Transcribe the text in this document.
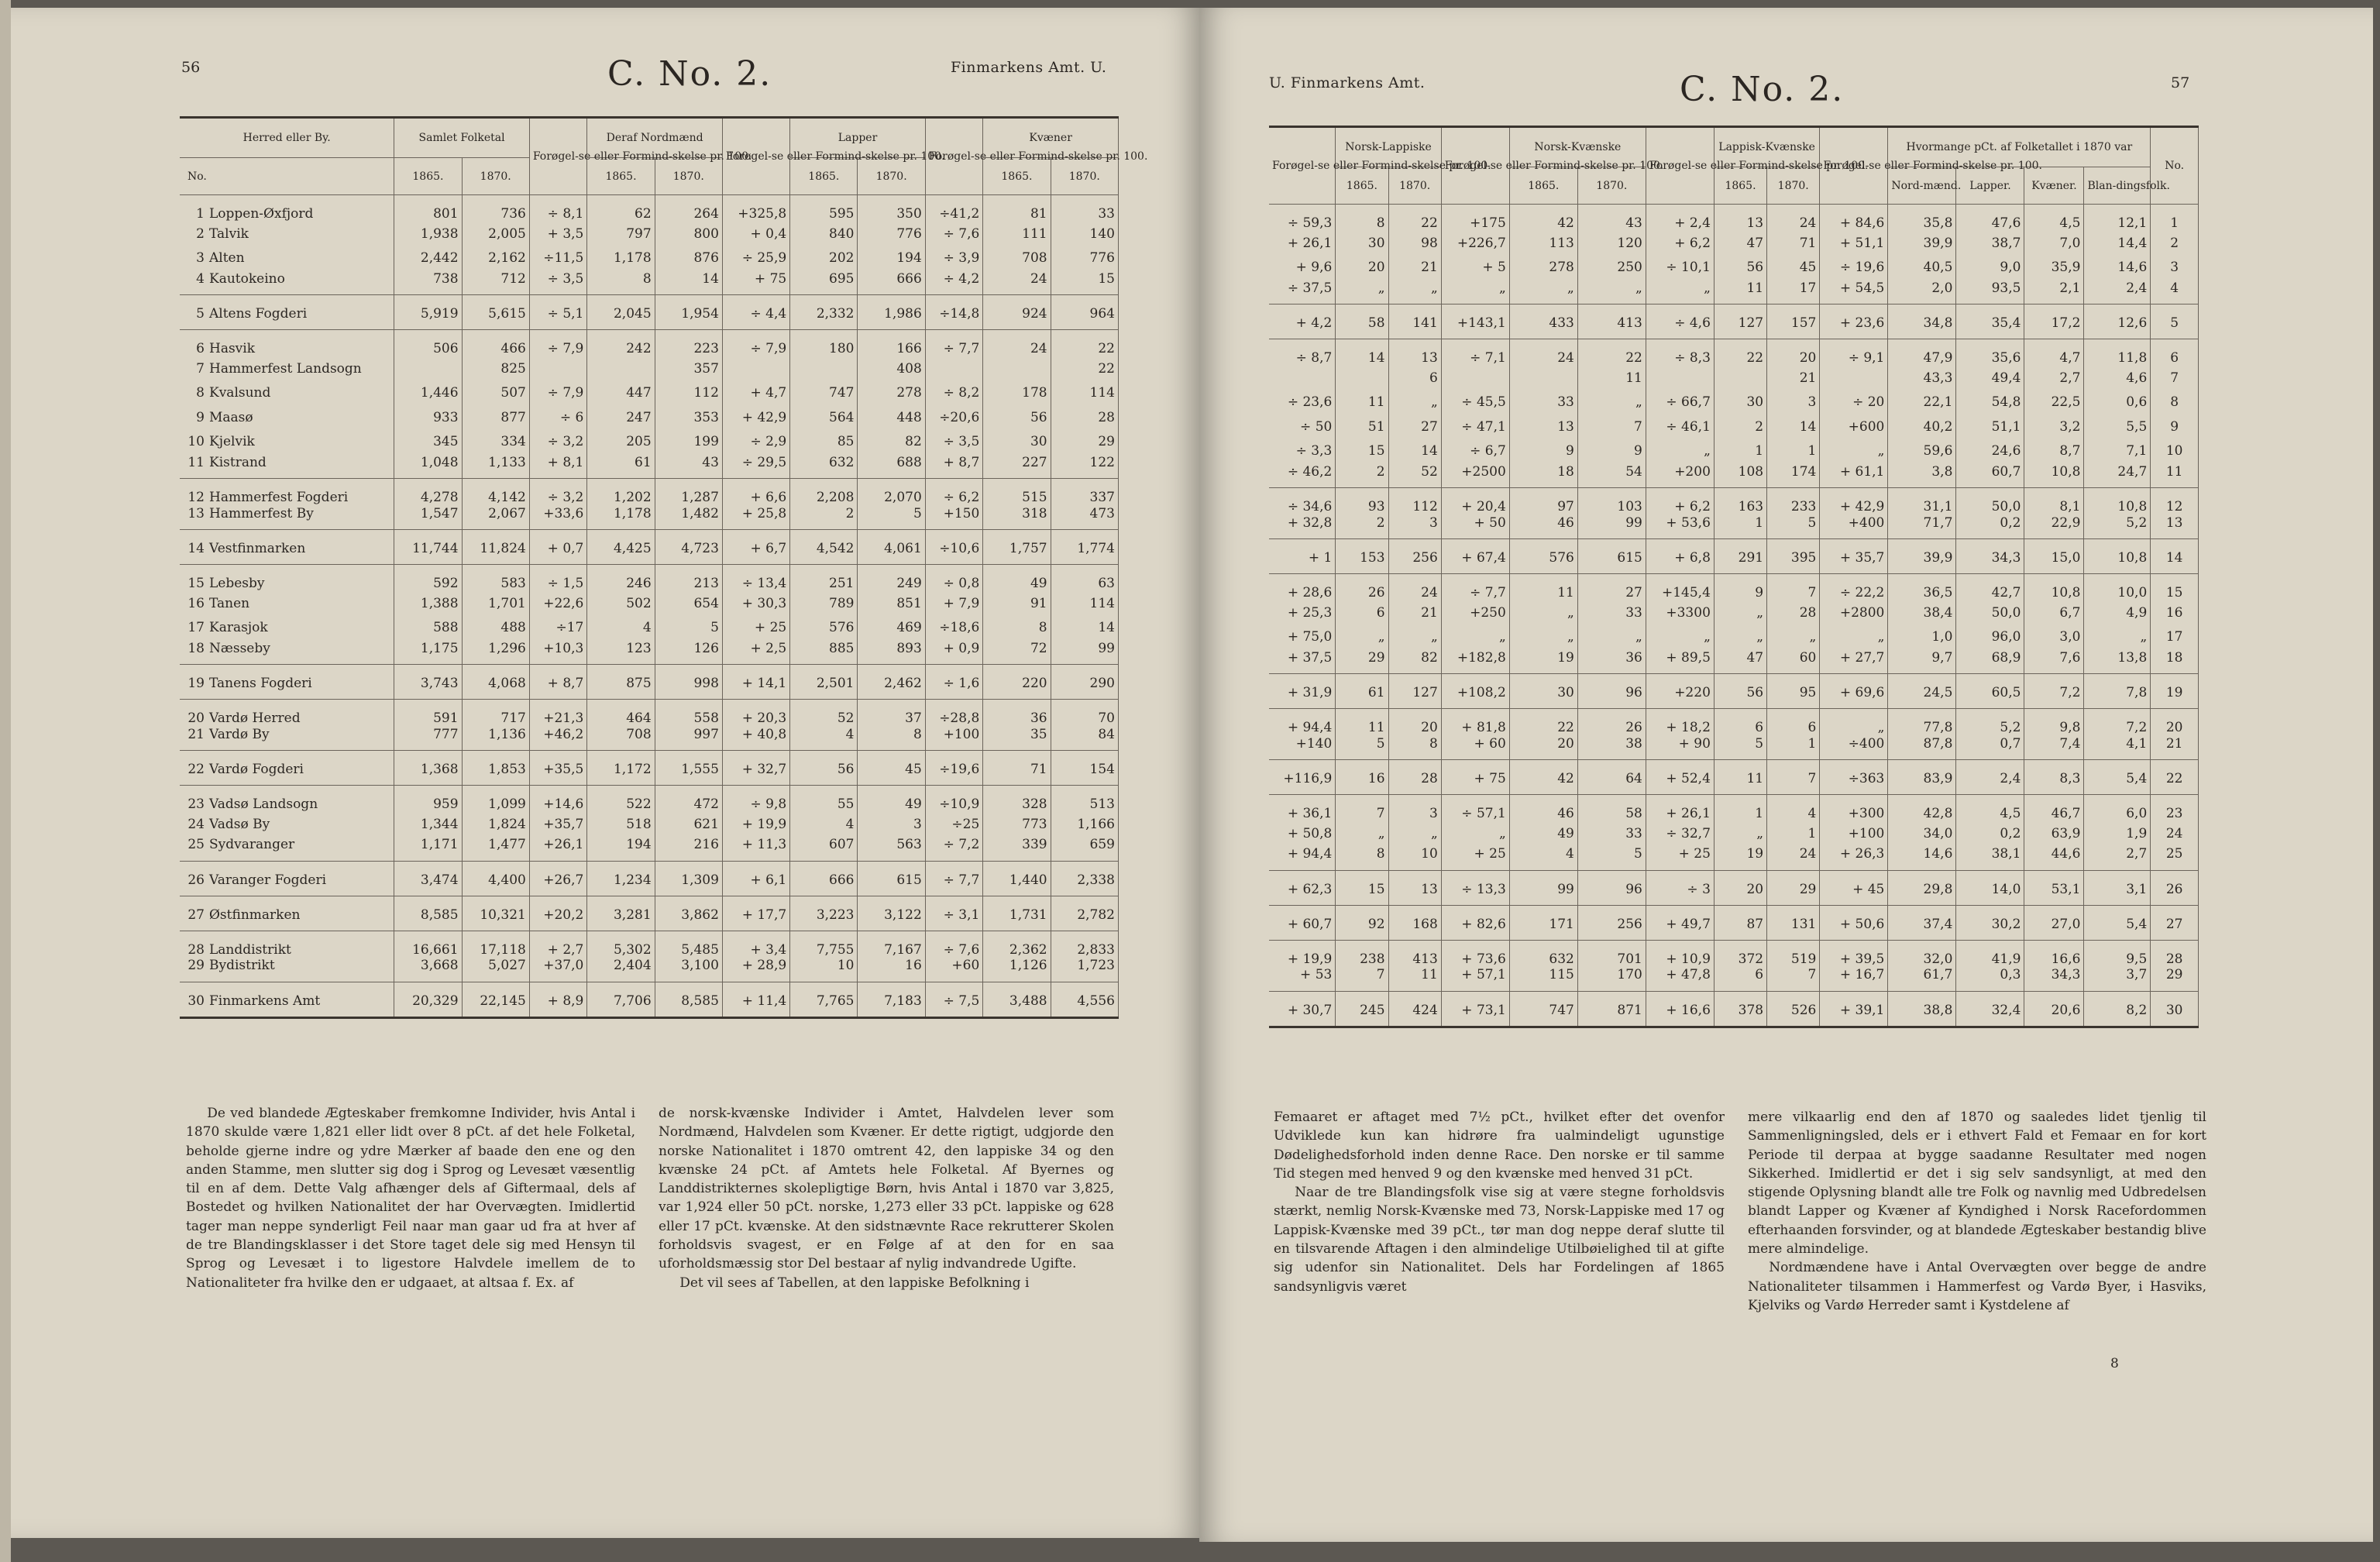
56	C. No. 2.	Finmarkens Amt. U.
Herred eller By.	Samlet Folketal		Forøgel-se eller Formind-skelse pr. 100.	Deraf Nordmænd		Forøgel-se eller Formind-skelse pr. 100.	Lapper		Forøgel-se eller Formind-skelse pr. 100.	Kvæner	
No.	1865.	1870.		1865.	1870.		1865.	1870.		1865.	1870.
1 Loppen-Øxfjord	801	736	÷ 8,1	62	264	+325,8	595	350	÷41,2	81	33
2 Talvik	1,938	2,005	+ 3,5	797	800	+ 0,4	840	776	÷ 7,6	111	140
3 Alten	2,442	2,162	÷11,5	1,178	876	÷ 25,9	202	194	÷ 3,9	708	776
4 Kautokeino	738	712	÷ 3,5	8	14	+ 75	695	666	÷ 4,2	24	15
5 Altens Fogderi	5,919	5,615	÷ 5,1	2,045	1,954	÷ 4,4	2,332	1,986	÷14,8	924	964
6 Hasvik	506	466	÷ 7,9	242	223	÷ 7,9	180	166	÷ 7,7	24	22
7 Hammerfest Landsogn		825			357			408			22
8 Kvalsund	1,446	507	÷ 7,9	447	112	+ 4,7	747	278	÷ 8,2	178	114
9 Maasø	933	877	÷ 6	247	353	+ 42,9	564	448	÷20,6	56	28
10 Kjelvik	345	334	÷ 3,2	205	199	÷ 2,9	85	82	÷ 3,5	30	29
11 Kistrand	1,048	1,133	+ 8,1	61	43	÷ 29,5	632	688	+ 8,7	227	122
12 Hammerfest Fogderi	4,278	4,142	÷ 3,2	1,202	1,287	+ 6,6	2,208	2,070	÷ 6,2	515	337
13 Hammerfest By	1,547	2,067	+33,6	1,178	1,482	+ 25,8	2	5	+150	318	473
14 Vestfinmarken	11,744	11,824	+ 0,7	4,425	4,723	+ 6,7	4,542	4,061	÷10,6	1,757	1,774
15 Lebesby	592	583	÷ 1,5	246	213	÷ 13,4	251	249	÷ 0,8	49	63
16 Tanen	1,388	1,701	+22,6	502	654	+ 30,3	789	851	+ 7,9	91	114
17 Karasjok	588	488	÷17	4	5	+ 25	576	469	÷18,6	8	14
18 Næsseby	1,175	1,296	+10,3	123	126	+ 2,5	885	893	+ 0,9	72	99
19 Tanens Fogderi	3,743	4,068	+ 8,7	875	998	+ 14,1	2,501	2,462	÷ 1,6	220	290
20 Vardø Herred	591	717	+21,3	464	558	+ 20,3	52	37	÷28,8	36	70
21 Vardø By	777	1,136	+46,2	708	997	+ 40,8	4	8	+100	35	84
22 Vardø Fogderi	1,368	1,853	+35,5	1,172	1,555	+ 32,7	56	45	÷19,6	71	154
23 Vadsø Landsogn	959	1,099	+14,6	522	472	÷ 9,8	55	49	÷10,9	328	513
24 Vadsø By	1,344	1,824	+35,7	518	621	+ 19,9	4	3	÷25	773	1,166
25 Sydvaranger	1,171	1,477	+26,1	194	216	+ 11,3	607	563	÷ 7,2	339	659
26 Varanger Fogderi	3,474	4,400	+26,7	1,234	1,309	+ 6,1	666	615	÷ 7,7	1,440	2,338
27 Østfinmarken	8,585	10,321	+20,2	3,281	3,862	+ 17,7	3,223	3,122	÷ 3,1	1,731	2,782
28 Landdistrikt	16,661	17,118	+ 2,7	5,302	5,485	+ 3,4	7,755	7,167	÷ 7,6	2,362	2,833
29 Bydistrikt	3,668	5,027	+37,0	2,404	3,100	+ 28,9	10	16	+60	1,126	1,723
30 Finmarkens Amt	20,329	22,145	+ 8,9	7,706	8,585	+ 11,4	7,765	7,183	÷ 7,5	3,488	4,556

De ved blandede Ægteskaber fremkomne Individer, hvis Antal i 1870 skulde være 1,821 eller lidt over 8 pCt. af det hele Folketal, beholde gjerne indre og ydre Mærker af baade den ene og den anden Stamme, men slutter sig dog i Sprog og Levesæt væsentlig til en af dem. Dette Valg afhænger dels af Giftermaal, dels af Bostedet og hvilken Nationalitet der har Overvægten. Imidlertid tager man neppe synderligt Feil naar man gaar ud fra at hver af de tre Blandingsklasser i det Store taget dele sig med Hensyn til Sprog og Levesæt i to ligestore Halvdele imellem de to Nationaliteter fra hvilke den er udgaaet, at altsaa f. Ex. af

de norsk-kvænske Individer i Amtet, Halvdelen lever som Nordmænd, Halvdelen som Kvæner. Er dette rigtigt, udgjorde den norske Nationalitet i 1870 omtrent 42, den lappiske 34 og den kvænske 24 pCt. af Amtets hele Folketal. Af Byernes og Landdistrikternes skolepligtige Børn, hvis Antal i 1870 var 3,825, var 1,924 eller 50 pCt. norske, 1,273 eller 33 pCt. lappiske og 628 eller 17 pCt. kvænske. At den sidstnævnte Race rekrutterer Skolen forholdsvis svagest, er en Følge af at den for en saa uforholdsmæssig stor Del bestaar af nylig indvandrede Ugifte.

Det vil sees af Tabellen, at den lappiske Befolkning i

U. Finmarkens Amt.	C. No. 2.	57
Forøgel-se eller Formind-skelse pr. 100.	Norsk-Lappiske		Forøgel-se eller Formind-skelse pr. 100.	Norsk-Kvænske		Forøgel-se eller Formind-skelse pr. 100.	Lappisk-Kvænske		Forøgel-se eller Formind-skelse pr. 100.	Hvormange pCt. af Folketallet i 1870 var				No.
	1865.	1870.		1865.	1870.		1865.	1870.		Nord-mænd.	Lapper.	Kvæner.	Blan-dingsfolk.	
÷ 59,3	8	22	+175	42	43	+ 2,4	13	24	+ 84,6	35,8	47,6	4,5	12,1	1
+ 26,1	30	98	+226,7	113	120	+ 6,2	47	71	+ 51,1	39,9	38,7	7,0	14,4	2
+ 9,6	20	21	+ 5	278	250	÷ 10,1	56	45	÷ 19,6	40,5	9,0	35,9	14,6	3
÷ 37,5	„	„	„	„	„	„	11	17	+ 54,5	2,0	93,5	2,1	2,4	4
+ 4,2	58	141	+143,1	433	413	÷ 4,6	127	157	+ 23,6	34,8	35,4	17,2	12,6	5
÷ 8,7	14	13	÷ 7,1	24	22	÷ 8,3	22	20	÷ 9,1	47,9	35,6	4,7	11,8	6
		6			11			21		43,3	49,4	2,7	4,6	7
÷ 23,6	11	„	÷ 45,5	33	„	÷ 66,7	30	3	÷ 20	22,1	54,8	22,5	0,6	8
÷ 50	51	27	÷ 47,1	13	7	÷ 46,1	2	14	+600	40,2	51,1	3,2	5,5	9
÷ 3,3	15	14	÷ 6,7	9	9	„	1	1	„	59,6	24,6	8,7	7,1	10
÷ 46,2	2	52	+2500	18	54	+200	108	174	+ 61,1	3,8	60,7	10,8	24,7	11
÷ 34,6	93	112	+ 20,4	97	103	+ 6,2	163	233	+ 42,9	31,1	50,0	8,1	10,8	12
+ 32,8	2	3	+ 50	46	99	+ 53,6	1	5	+400	71,7	0,2	22,9	5,2	13
+ 1	153	256	+ 67,4	576	615	+ 6,8	291	395	+ 35,7	39,9	34,3	15,0	10,8	14
+ 28,6	26	24	÷ 7,7	11	27	+145,4	9	7	÷ 22,2	36,5	42,7	10,8	10,0	15
+ 25,3	6	21	+250	„	33	+3300	„	28	+2800	38,4	50,0	6,7	4,9	16
+ 75,0	„	„	„	„	„	„	„	„	„	1,0	96,0	3,0	„	17
+ 37,5	29	82	+182,8	19	36	+ 89,5	47	60	+ 27,7	9,7	68,9	7,6	13,8	18
+ 31,9	61	127	+108,2	30	96	+220	56	95	+ 69,6	24,5	60,5	7,2	7,8	19
+ 94,4	11	20	+ 81,8	22	26	+ 18,2	6	6	„	77,8	5,2	9,8	7,2	20
+140	5	8	+ 60	20	38	+ 90	5	1	÷400	87,8	0,7	7,4	4,1	21
+116,9	16	28	+ 75	42	64	+ 52,4	11	7	÷363	83,9	2,4	8,3	5,4	22
+ 36,1	7	3	÷ 57,1	46	58	+ 26,1	1	4	+300	42,8	4,5	46,7	6,0	23
+ 50,8	„	„	„	49	33	÷ 32,7	„	1	+100	34,0	0,2	63,9	1,9	24
+ 94,4	8	10	+ 25	4	5	+ 25	19	24	+ 26,3	14,6	38,1	44,6	2,7	25
+ 62,3	15	13	÷ 13,3	99	96	÷ 3	20	29	+ 45	29,8	14,0	53,1	3,1	26
+ 60,7	92	168	+ 82,6	171	256	+ 49,7	87	131	+ 50,6	37,4	30,2	27,0	5,4	27
+ 19,9	238	413	+ 73,6	632	701	+ 10,9	372	519	+ 39,5	32,0	41,9	16,6	9,5	28
+ 53	7	11	+ 57,1	115	170	+ 47,8	6	7	+ 16,7	61,7	0,3	34,3	3,7	29
+ 30,7	245	424	+ 73,1	747	871	+ 16,6	378	526	+ 39,1	38,8	32,4	20,6	8,2	30

Femaaret er aftaget med 7½ pCt., hvilket efter det ovenfor Udviklede kun kan hidrøre fra ualmindeligt ugunstige Dødelighedsforhold inden denne Race. Den norske er til samme Tid stegen med henved 9 og den kvænske med henved 31 pCt.

Naar de tre Blandingsfolk vise sig at være stegne forholdsvis stærkt, nemlig Norsk-Kvænske med 73, Norsk-Lappiske med 17 og Lappisk-Kvænske med 39 pCt., tør man dog neppe deraf slutte til en tilsvarende Aftagen i den almindelige Utilbøielighed til at gifte sig udenfor sin Nationalitet. Dels har Fordelingen af 1865 sandsynligvis været

mere vilkaarlig end den af 1870 og saaledes lidet tjenlig til Sammenligningsled, dels er i ethvert Fald et Femaar en for kort Periode til derpaa at bygge saadanne Resultater med nogen Sikkerhed. Imidlertid er det i sig selv sandsynligt, at med den stigende Oplysning blandt alle tre Folk og navnlig med Udbredelsen blandt Lapper og Kvæner af Kyndighed i Norsk Racefordommen efterhaanden forsvinder, og at blandede Ægteskaber bestandig blive mere almindelige.

Nordmændene have i Antal Overvægten over begge de andre Nationaliteter tilsammen i Hammerfest og Vardø Byer, i Hasviks, Kjelviks og Vardø Herreder samt i Kystdelene af

8
